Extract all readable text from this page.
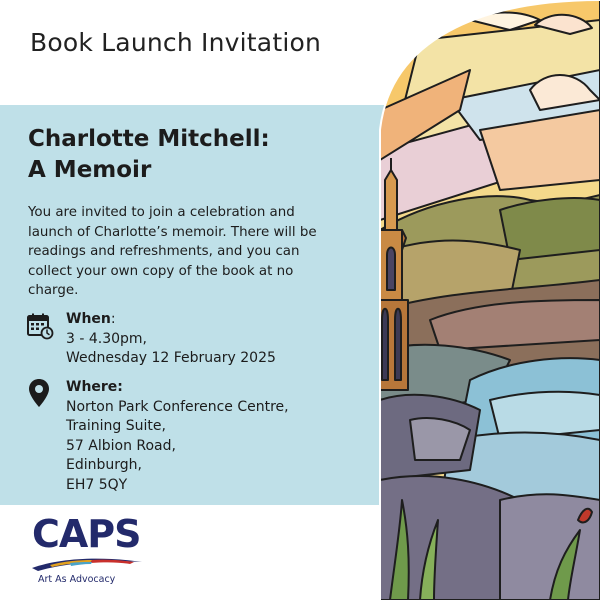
Book Launch Invitation
Charlotte Mitchell:
A Memoir
You are invited to join a celebration and launch of Charlotte’s memoir. There will be readings and refreshments, and you can collect your own copy of the book at no charge.
When:
3 - 4.30pm,
Wednesday 12 February 2025
Where:
Norton Park Conference Centre,
Training Suite,
57 Albion Road,
Edinburgh,
EH7 5QY
CAPS
Art As Advocacy
